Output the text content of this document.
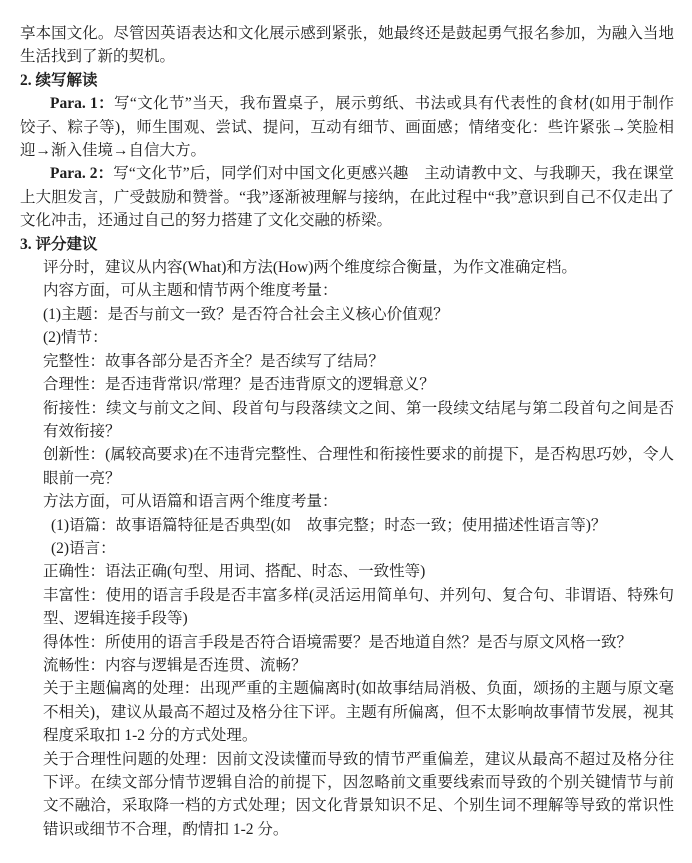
享本国文化。尽管因英语表达和文化展示感到紧张，她最终还是鼓起勇气报名参加，为融入当地生活找到了新的契机。

2. 续写解读

Para. 1：写“文化节”当天，我布置桌子，展示剪纸、书法或具有代表性的食材(如用于制作饺子、粽子等)，师生围观、尝试、提问，互动有细节、画面感；情绪变化：些许紧张→笑脸相迎→渐入佳境→自信大方。

Para. 2：写“文化节”后，同学们对中国文化更感兴趣　主动请教中文、与我聊天，我在课堂上大胆发言，广受鼓励和赞誉。“我”逐渐被理解与接纳，在此过程中“我”意识到自己不仅走出了文化冲击，还通过自己的努力搭建了文化交融的桥梁。

3. 评分建议

评分时，建议从内容(What)和方法(How)两个维度综合衡量，为作文准确定档。

内容方面，可从主题和情节两个维度考量：

(1)主题：是否与前文一致？是否符合社会主义核心价值观？

(2)情节：

完整性：故事各部分是否齐全？是否续写了结局？

合理性：是否违背常识/常理？是否违背原文的逻辑意义？

衔接性：续文与前文之间、段首句与段落续文之间、第一段续文结尾与第二段首句之间是否有效衔接？

创新性：(属较高要求)在不违背完整性、合理性和衔接性要求的前提下，是否构思巧妙，令人眼前一亮？

方法方面，可从语篇和语言两个维度考量：

(1)语篇：故事语篇特征是否典型(如　故事完整；时态一致；使用描述性语言等)？

(2)语言：

正确性：语法正确(句型、用词、搭配、时态、一致性等)

丰富性：使用的语言手段是否丰富多样(灵活运用简单句、并列句、复合句、非谓语、特殊句型、逻辑连接手段等)

得体性：所使用的语言手段是否符合语境需要？是否地道自然？是否与原文风格一致？

流畅性：内容与逻辑是否连贯、流畅？

关于主题偏离的处理：出现严重的主题偏离时(如故事结局消极、负面，颂扬的主题与原文毫不相关)，建议从最高不超过及格分往下评。主题有所偏离，但不太影响故事情节发展，视其程度采取扣 1-2 分的方式处理。

关于合理性问题的处理：因前文没读懂而导致的情节严重偏差，建议从最高不超过及格分往下评。在续文部分情节逻辑自洽的前提下，因忽略前文重要线索而导致的个别关键情节与前文不融洽，采取降一档的方式处理；因文化背景知识不足、个别生词不理解等导致的常识性错识或细节不合理，酌情扣 1-2 分。
